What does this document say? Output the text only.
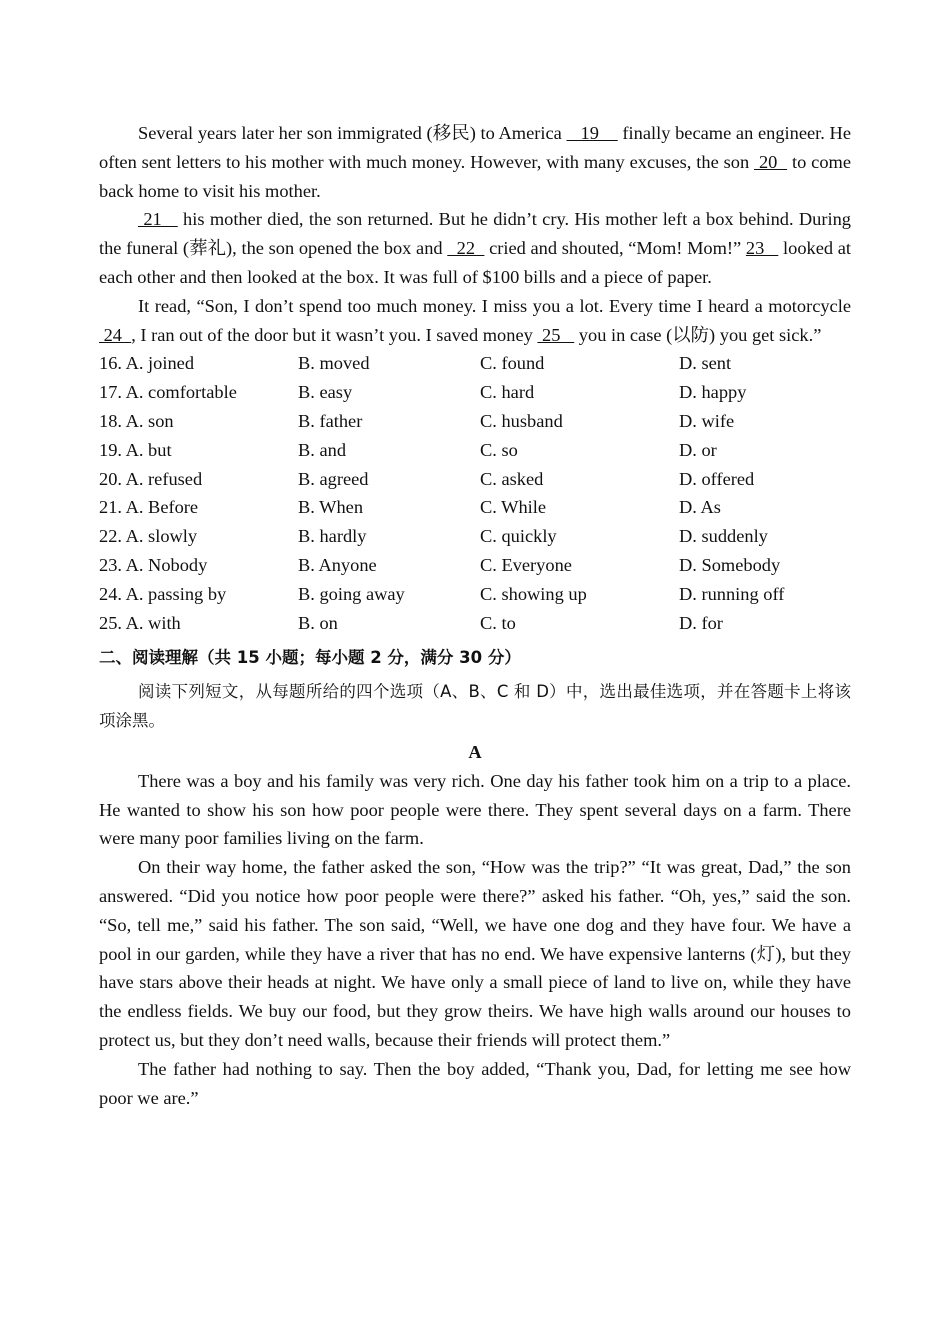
Several years later her son immigrated (移民) to America    19     finally became an engineer. He often sent letters to his mother with much money. However, with many excuses, the son  20   to come back home to visit his mother.

21    his mother died, the son returned. But he didn’t cry. His mother left a box behind. During the funeral (葬礼), the son opened the box and   22   cried and shouted, “Mom! Mom!” 23    looked at each other and then looked at the box. It was full of $100 bills and a piece of paper.

It read, “Son, I don’t spend too much money. I miss you a lot. Every time I heard a motorcycle  24  , I ran out of the door but it wasn’t you. I saved money  25    you in case (以防) you get sick.”

16. A. joined	B. moved	C. found	D. sent
17. A. comfortable	B. easy	C. hard	D. happy
18. A. son	B. father	C. husband	D. wife
19. A. but	B. and	C. so	D. or
20. A. refused	B. agreed	C. asked	D. offered
21. A. Before	B. When	C. While	D. As
22. A. slowly	B. hardly	C. quickly	D. suddenly
23. A. Nobody	B. Anyone	C. Everyone	D. Somebody
24. A. passing by	B. going away	C. showing up	D. running off
25. A. with	B. on	C. to	D. for

二、阅读理解（共 15 小题；每小题 2 分，满分 30 分）

阅读下列短文，从每题所给的四个选项（A、B、C 和 D）中，选出最佳选项，并在答题卡上将该项涂黑。

A

There was a boy and his family was very rich. One day his father took him on a trip to a place. He wanted to show his son how poor people were there. They spent several days on a farm. There were many poor families living on the farm.

On their way home, the father asked the son, “How was the trip?” “It was great, Dad,” the son answered. “Did you notice how poor people were there?” asked his father. “Oh, yes,” said the son. “So, tell me,” said his father. The son said, “Well, we have one dog and they have four. We have a pool in our garden, while they have a river that has no end. We have expensive lanterns (灯), but they have stars above their heads at night. We have only a small piece of land to live on, while they have the endless fields. We buy our food, but they grow theirs. We have high walls around our houses to protect us, but they don’t need walls, because their friends will protect them.”

The father had nothing to say. Then the boy added, “Thank you, Dad, for letting me see how poor we are.”
